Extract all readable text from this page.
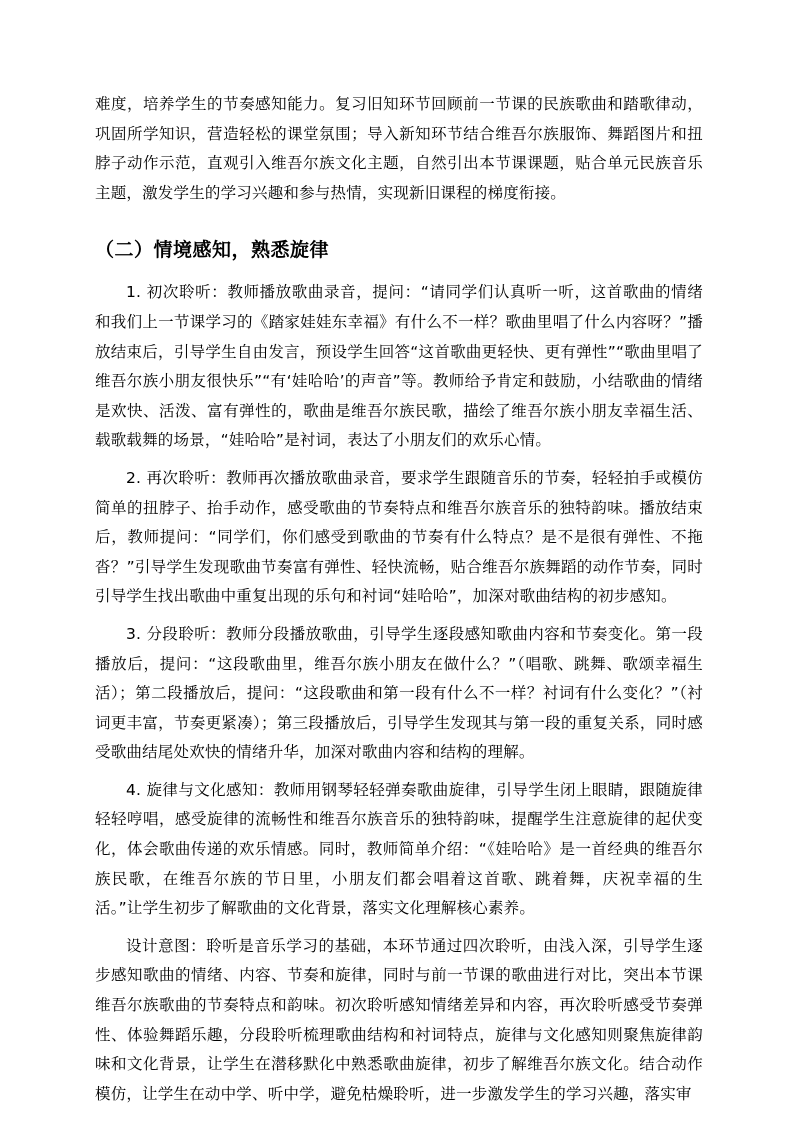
难度，培养学生的节奏感知能力。复习旧知环节回顾前一节课的民族歌曲和踏歌律动，巩固所学知识，营造轻松的课堂氛围；导入新知环节结合维吾尔族服饰、舞蹈图片和扭脖子动作示范，直观引入维吾尔族文化主题，自然引出本节课课题，贴合单元民族音乐主题，激发学生的学习兴趣和参与热情，实现新旧课程的梯度衔接。

（二）情境感知，熟悉旋律

1. 初次聆听：教师播放歌曲录音，提问：“请同学们认真听一听，这首歌曲的情绪和我们上一节课学习的《踏家娃娃东幸福》有什么不一样？歌曲里唱了什么内容呀？”播放结束后，引导学生自由发言，预设学生回答“这首歌曲更轻快、更有弹性”“歌曲里唱了维吾尔族小朋友很快乐”“有‘娃哈哈’的声音”等。教师给予肯定和鼓励，小结歌曲的情绪是欢快、活泼、富有弹性的，歌曲是维吾尔族民歌，描绘了维吾尔族小朋友幸福生活、载歌载舞的场景，“娃哈哈”是衬词，表达了小朋友们的欢乐心情。

2. 再次聆听：教师再次播放歌曲录音，要求学生跟随音乐的节奏，轻轻拍手或模仿简单的扭脖子、抬手动作，感受歌曲的节奏特点和维吾尔族音乐的独特韵味。播放结束后，教师提问：“同学们，你们感受到歌曲的节奏有什么特点？是不是很有弹性、不拖沓？”引导学生发现歌曲节奏富有弹性、轻快流畅，贴合维吾尔族舞蹈的动作节奏，同时引导学生找出歌曲中重复出现的乐句和衬词“娃哈哈”，加深对歌曲结构的初步感知。

3. 分段聆听：教师分段播放歌曲，引导学生逐段感知歌曲内容和节奏变化。第一段播放后，提问：“这段歌曲里，维吾尔族小朋友在做什么？”（唱歌、跳舞、歌颂幸福生活）；第二段播放后，提问：“这段歌曲和第一段有什么不一样？衬词有什么变化？”（衬词更丰富，节奏更紧凑）；第三段播放后，引导学生发现其与第一段的重复关系，同时感受歌曲结尾处欢快的情绪升华，加深对歌曲内容和结构的理解。

4. 旋律与文化感知：教师用钢琴轻轻弹奏歌曲旋律，引导学生闭上眼睛，跟随旋律轻轻哼唱，感受旋律的流畅性和维吾尔族音乐的独特韵味，提醒学生注意旋律的起伏变化，体会歌曲传递的欢乐情感。同时，教师简单介绍：“《娃哈哈》是一首经典的维吾尔族民歌，在维吾尔族的节日里，小朋友们都会唱着这首歌、跳着舞，庆祝幸福的生活。”让学生初步了解歌曲的文化背景，落实文化理解核心素养。

设计意图：聆听是音乐学习的基础，本环节通过四次聆听，由浅入深，引导学生逐步感知歌曲的情绪、内容、节奏和旋律，同时与前一节课的歌曲进行对比，突出本节课维吾尔族歌曲的节奏特点和韵味。初次聆听感知情绪差异和内容，再次聆听感受节奏弹性、体验舞蹈乐趣，分段聆听梳理歌曲结构和衬词特点，旋律与文化感知则聚焦旋律韵味和文化背景，让学生在潜移默化中熟悉歌曲旋律，初步了解维吾尔族文化。结合动作模仿，让学生在动中学、听中学，避免枯燥聆听，进一步激发学生的学习兴趣，落实审
